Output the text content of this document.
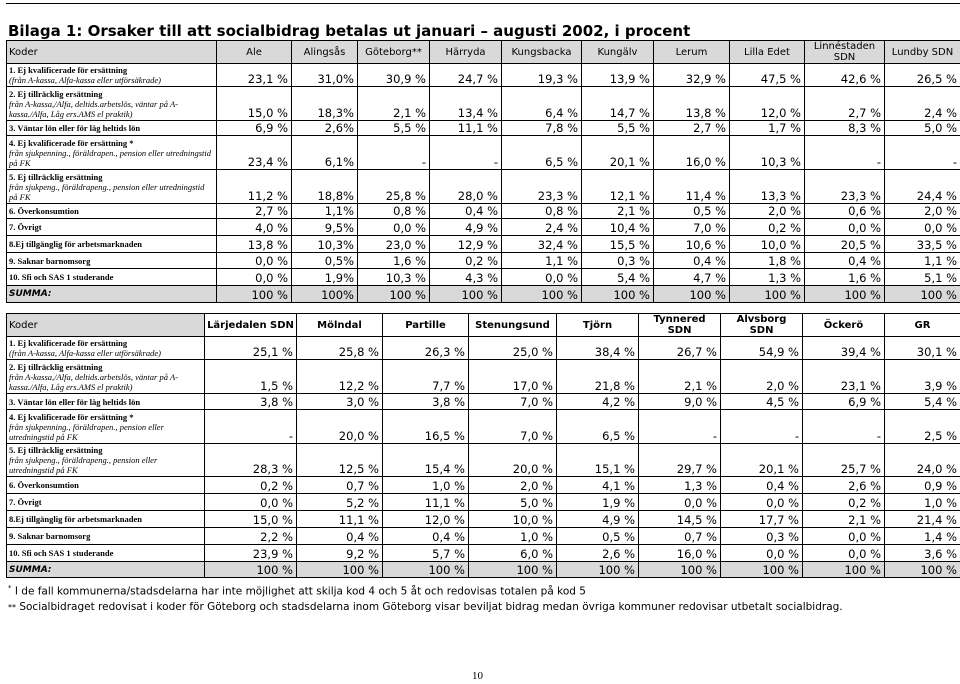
Bilaga 1: Orsaker till att socialbidrag betalas ut januari – augusti 2002, i procent
Koder	Ale	Alingsås	Göteborg**	Härryda	Kungsbacka	Kungälv	Lerum	Lilla Edet	Linnéstaden SDN	Lundby SDN
1. Ej kvalificerade för ersättning
(från A-kassa, Alfa-kassa eller utförsäkrade)	23,1 %	31,0%	30,9 %	24,7 %	19,3 %	13,9 %	32,9 %	47,5 %	42,6 %	26,5 %
2. Ej tillräcklig ersättning
från A-kassa,/Alfa, deltids.arbetslös, väntar på A-kassa./Alfa, Låg ers.AMS el praktik)	15,0 %	18,3%	2,1 %	13,4 %	6,4 %	14,7 %	13,8 %	12,0 %	2,7 %	2,4 %
3. Väntar lön eller för låg heltids lön	6,9 %	2,6%	5,5 %	11,1 %	7,8 %	5,5 %	2,7 %	1,7 %	8,3 %	5,0 %
4. Ej kvalificerade för ersättning *
från sjukpenning., föräldrapen., pension eller utredningstid på FK	23,4 %	6,1%	-	-	6,5 %	20,1 %	16,0 %	10,3 %	-	-
5. Ej tillräcklig ersättning
från sjukpeng., föräldrapeng., pension eller utredningstid på FK	11,2 %	18,8%	25,8 %	28,0 %	23,3 %	12,1 %	11,4 %	13,3 %	23,3 %	24,4 %
6. Överkonsumtion	2,7 %	1,1%	0,8 %	0,4 %	0,8 %	2,1 %	0,5 %	2,0 %	0,6 %	2,0 %
7. Övrigt	4,0 %	9,5%	0,0 %	4,9 %	2,4 %	10,4 %	7,0 %	0,2 %	0,0 %	0,0 %
8.Ej tillgänglig för arbetsmarknaden	13,8 %	10,3%	23,0 %	12,9 %	32,4 %	15,5 %	10,6 %	10,0 %	20,5 %	33,5 %
9. Saknar barnomsorg	0,0 %	0,5%	1,6 %	0,2 %	1,1 %	0,3 %	0,4 %	1,8 %	0,4 %	1,1 %
10. Sfi och SAS 1 studerande	0,0 %	1,9%	10,3 %	4,3 %	0,0 %	5,4 %	4,7 %	1,3 %	1,6 %	5,1 %
SUMMA:	100 %	100%	100 %	100 %	100 %	100 %	100 %	100 %	100 %	100 %
Koder	Lärjedalen SDN	Mölndal	Partille	Stenungsund	Tjörn	Tynnered SDN	Älvsborg SDN	Öckerö	GR
1. Ej kvalificerade för ersättning
(från A-kassa, Alfa-kassa eller utförsäkrade)	25,1 %	25,8 %	26,3 %	25,0 %	38,4 %	26,7 %	54,9 %	39,4 %	30,1 %
2. Ej tillräcklig ersättning
från A-kassa,/Alfa, deltids.arbetslös, väntar på A-kassa./Alfa, Låg ers.AMS el praktik)	1,5 %	12,2 %	7,7 %	17,0 %	21,8 %	2,1 %	2,0 %	23,1 %	3,9 %
3. Väntar lön eller för låg heltids lön	3,8 %	3,0 %	3,8 %	7,0 %	4,2 %	9,0 %	4,5 %	6,9 %	5,4 %
4. Ej kvalificerade för ersättning *
från sjukpenning., föräldrapen., pension eller utredningstid på FK	-	20,0 %	16,5 %	7,0 %	6,5 %	-	-	-	2,5 %
5. Ej tillräcklig ersättning
från sjukpeng., föräldrapeng., pension eller utredningstid på FK	28,3 %	12,5 %	15,4 %	20,0 %	15,1 %	29,7 %	20,1 %	25,7 %	24,0 %
6. Överkonsumtion	0,2 %	0,7 %	1,0 %	2,0 %	4,1 %	1,3 %	0,4 %	2,6 %	0,9 %
7. Övrigt	0,0 %	5,2 %	11,1 %	5,0 %	1,9 %	0,0 %	0,0 %	0,2 %	1,0 %
8.Ej tillgänglig för arbetsmarknaden	15,0 %	11,1 %	12,0 %	10,0 %	4,9 %	14,5 %	17,7 %	2,1 %	21,4 %
9. Saknar barnomsorg	2,2 %	0,4 %	0,4 %	1,0 %	0,5 %	0,7 %	0,3 %	0,0 %	1,4 %
10. Sfi och SAS 1 studerande	23,9 %	9,2 %	5,7 %	6,0 %	2,6 %	16,0 %	0,0 %	0,0 %	3,6 %
SUMMA:	100 %	100 %	100 %	100 %	100 %	100 %	100 %	100 %	100 %
* I de fall kommunerna/stadsdelarna har inte möjlighet att skilja kod 4 och 5 åt och redovisas totalen på kod 5
** Socialbidraget redovisat i koder för Göteborg och stadsdelarna inom Göteborg visar beviljat bidrag medan övriga kommuner redovisar utbetalt socialbidrag.
10
